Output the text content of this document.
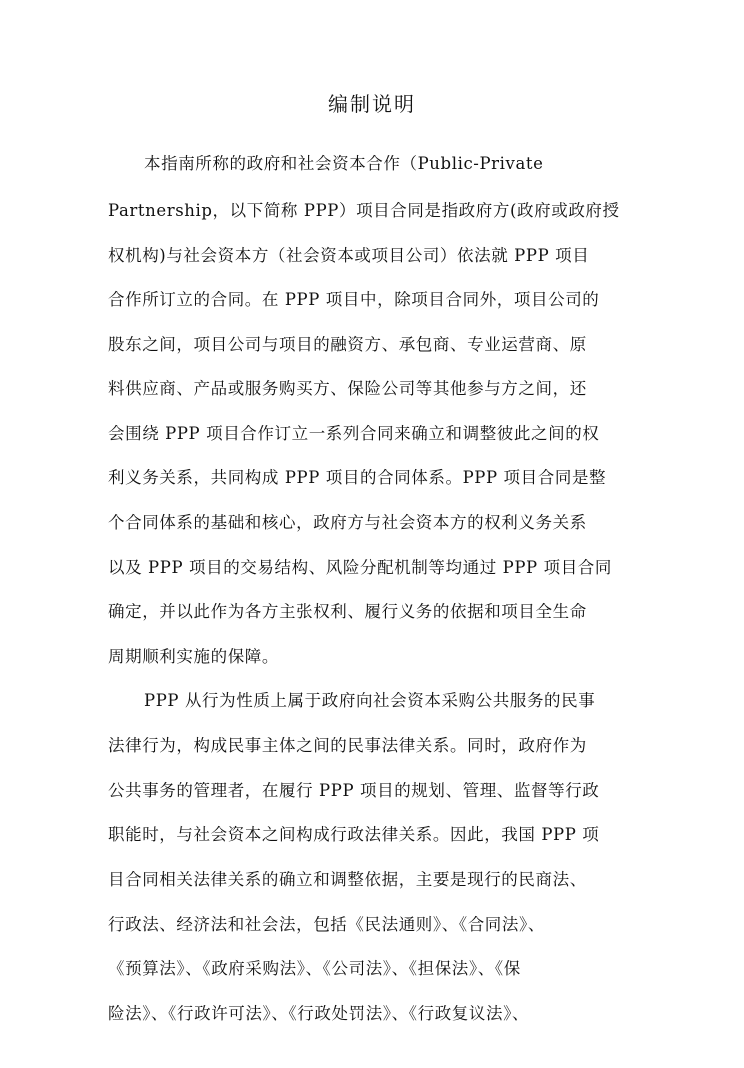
编制说明
本指南所称的政府和社会资本合作（Public-Private
Partnership，以下简称 PPP）项目合同是指政府方(政府或政府授
权机构)与社会资本方（社会资本或项目公司）依法就 PPP 项目
合作所订立的合同。在 PPP 项目中，除项目合同外，项目公司的
股东之间，项目公司与项目的融资方、承包商、专业运营商、原
料供应商、产品或服务购买方、保险公司等其他参与方之间，还
会围绕 PPP 项目合作订立一系列合同来确立和调整彼此之间的权
利义务关系，共同构成 PPP 项目的合同体系。PPP 项目合同是整
个合同体系的基础和核心，政府方与社会资本方的权利义务关系
以及 PPP 项目的交易结构、风险分配机制等均通过 PPP 项目合同
确定，并以此作为各方主张权利、履行义务的依据和项目全生命
周期顺利实施的保障。
PPP 从行为性质上属于政府向社会资本采购公共服务的民事
法律行为，构成民事主体之间的民事法律关系。同时，政府作为
公共事务的管理者，在履行 PPP 项目的规划、管理、监督等行政
职能时，与社会资本之间构成行政法律关系。因此，我国 PPP 项
目合同相关法律关系的确立和调整依据，主要是现行的民商法、
行政法、经济法和社会法，包括《民法通则》、《合同法》、
《预算法》、《政府采购法》、《公司法》、《担保法》、《保
险法》、《行政许可法》、《行政处罚法》、《行政复议法》、
